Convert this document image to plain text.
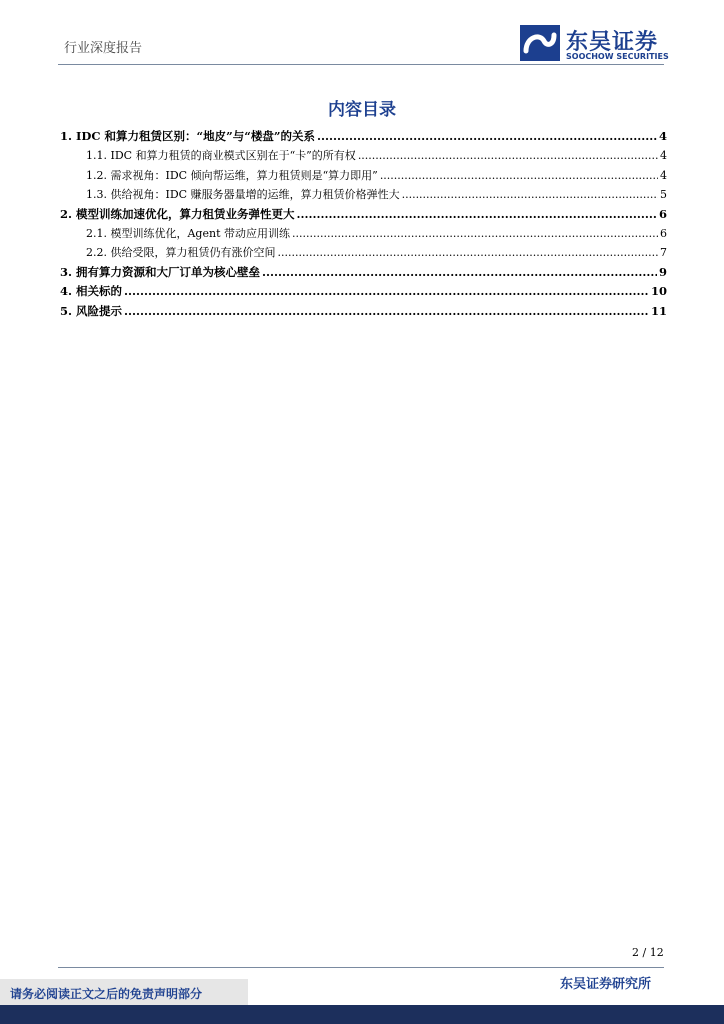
行业深度报告	东吴证券
SOOCHOW SECURITIES
内容目录
1. IDC 和算力租赁区别：“地皮”与“楼盘”的关系 .....	4
1.1. IDC 和算力租赁的商业模式区别在于“卡”的所有权 .....	4
1.2. 需求视角：IDC 倾向帮运维，算力租赁则是“算力即用” .....	4
1.3. 供给视角：IDC 赚服务器量增的运维，算力租赁价格弹性大 .....	5
2. 模型训练加速优化，算力租赁业务弹性更大 .....	6
2.1. 模型训练优化，Agent 带动应用训练 .....	6
2.2. 供给受限，算力租赁仍有涨价空间 .....	7
3. 拥有算力资源和大厂订单为核心壁垒 .....	9
4. 相关标的 .....	10
5. 风险提示 .....	11
2 / 12
东吴证券研究所
请务必阅读正文之后的免责声明部分
